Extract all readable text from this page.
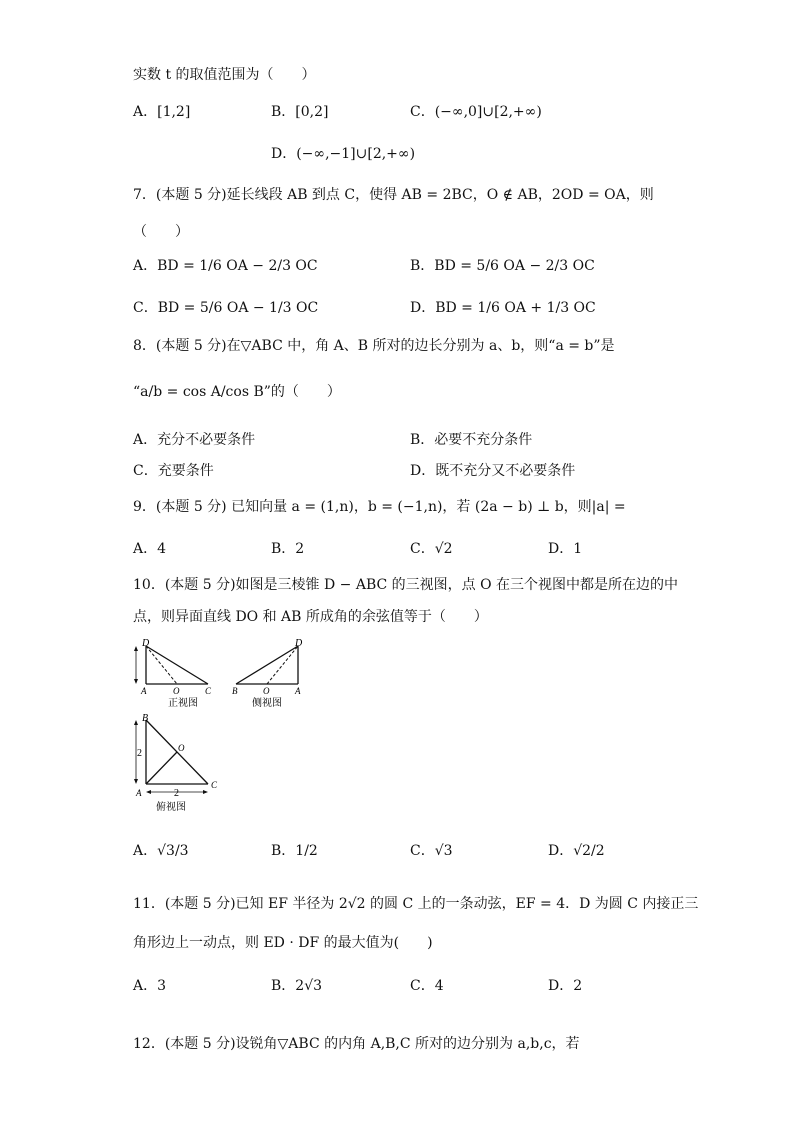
实数 t 的取值范围为（　　）
A．[1,2]	B．[0,2]	C．(−∞,0]∪[2,+∞)
D．(−∞,−1]∪[2,+∞)
7．(本题 5 分)延长线段 AB 到点 C，使得 AB = 2BC，O ∉ AB，2OD = OA，则
（　　）
A．BD = 1/6 OA − 2/3 OC	B．BD = 5/6 OA − 2/3 OC
C．BD = 5/6 OA − 1/3 OC	D．BD = 1/6 OA + 1/3 OC
8．(本题 5 分)在▽ABC 中，角 A、B 所对的边长分别为 a、b，则“a = b”是
“a/b = cos A/cos B”的（　　）
A．充分不必要条件	B．必要不充分条件
C．充要条件	D．既不充分又不必要条件
9．(本题 5 分) 已知向量 a = (1,n)，b = (−1,n)，若 (2a − b) ⊥ b，则|a| =
A．4	B．2	C．√2	D．1
10．(本题 5 分)如图是三棱锥 D − ABC 的三视图，点 O 在三个视图中都是所在边的中
点，则异面直线 DO 和 AB 所成角的余弦值等于（　　）
D
A	O	C
正视图
D
B	O	A
侧视图
B
O
A
C
2
2
俯视图
A．√3/3	B．1/2	C．√3	D．√2/2
11．(本题 5 分)已知 EF 半径为 2√2 的圆 C 上的一条动弦，EF = 4．D 为圆 C 内接正三
角形边上一动点，则 ED · DF 的最大值为(　　)
A．3	B．2√3	C．4	D．2
12．(本题 5 分)设锐角▽ABC 的内角 A,B,C 所对的边分别为 a,b,c，若
